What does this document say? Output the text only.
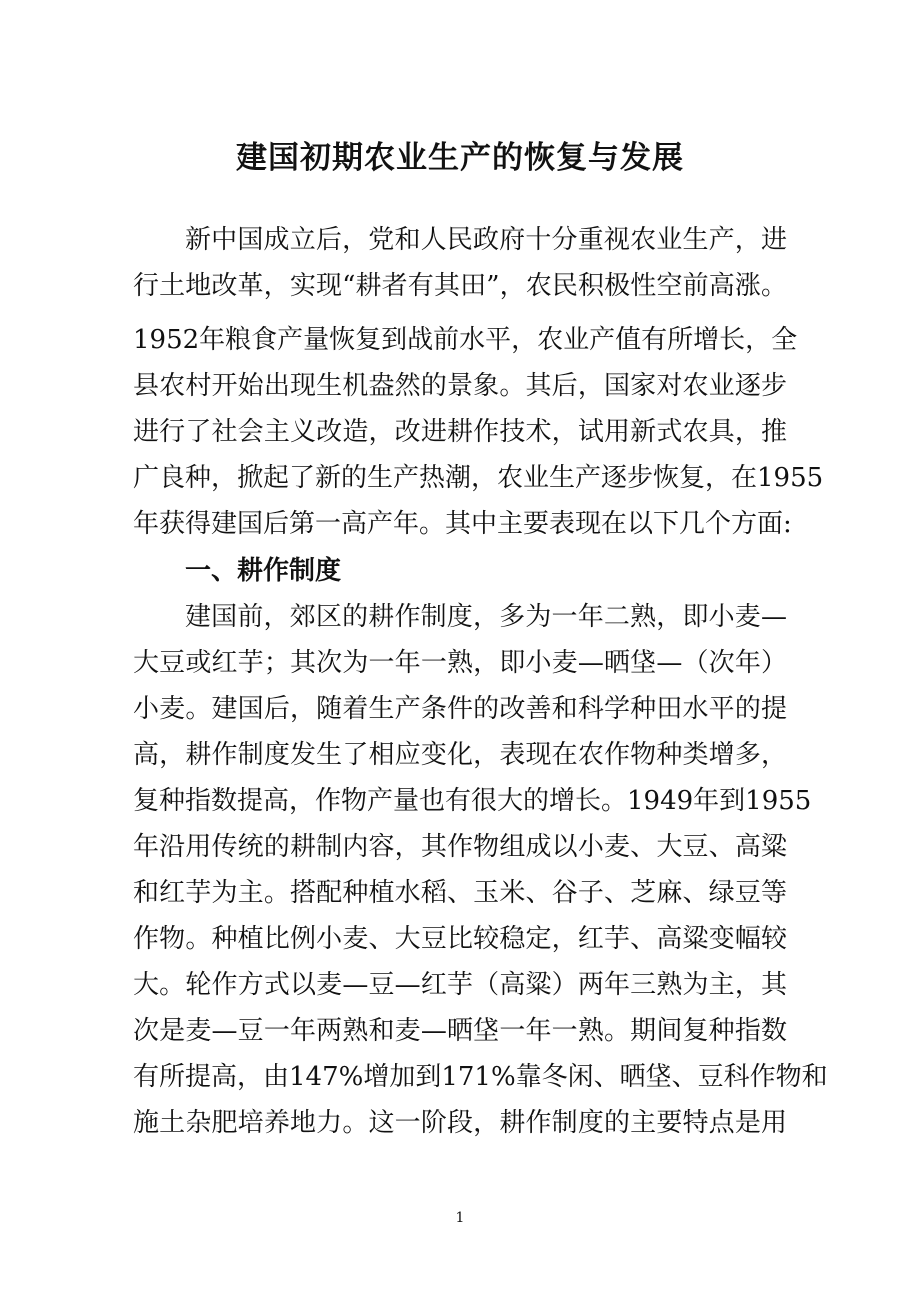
建国初期农业生产的恢复与发展

新中国成立后，党和人民政府十分重视农业生产，进

行土地改革，实现“耕者有其田”，农民积极性空前高涨。

1952年粮食产量恢复到战前水平，农业产值有所增长，全

县农村开始出现生机盎然的景象。其后，国家对农业逐步

进行了社会主义改造，改进耕作技术，试用新式农具，推

广良种，掀起了新的生产热潮，农业生产逐步恢复，在1955

年获得建国后第一高产年。其中主要表现在以下几个方面:

一、耕作制度

建国前，郊区的耕作制度，多为一年二熟，即小麦—

大豆或红芋；其次为一年一熟，即小麦—晒垡—（次年）

小麦。建国后，随着生产条件的改善和科学种田水平的提

高，耕作制度发生了相应变化，表现在农作物种类增多，

复种指数提高，作物产量也有很大的增长。1949年到1955

年沿用传统的耕制内容，其作物组成以小麦、大豆、高粱

和红芋为主。搭配种植水稻、玉米、谷子、芝麻、绿豆等

作物。种植比例小麦、大豆比较稳定，红芋、高粱变幅较

大。轮作方式以麦—豆—红芋（高粱）两年三熟为主，其

次是麦—豆一年两熟和麦—晒垡一年一熟。期间复种指数

有所提高，由147%增加到171%靠冬闲、晒垡、豆科作物和

施土杂肥培养地力。这一阶段，耕作制度的主要特点是用

1
